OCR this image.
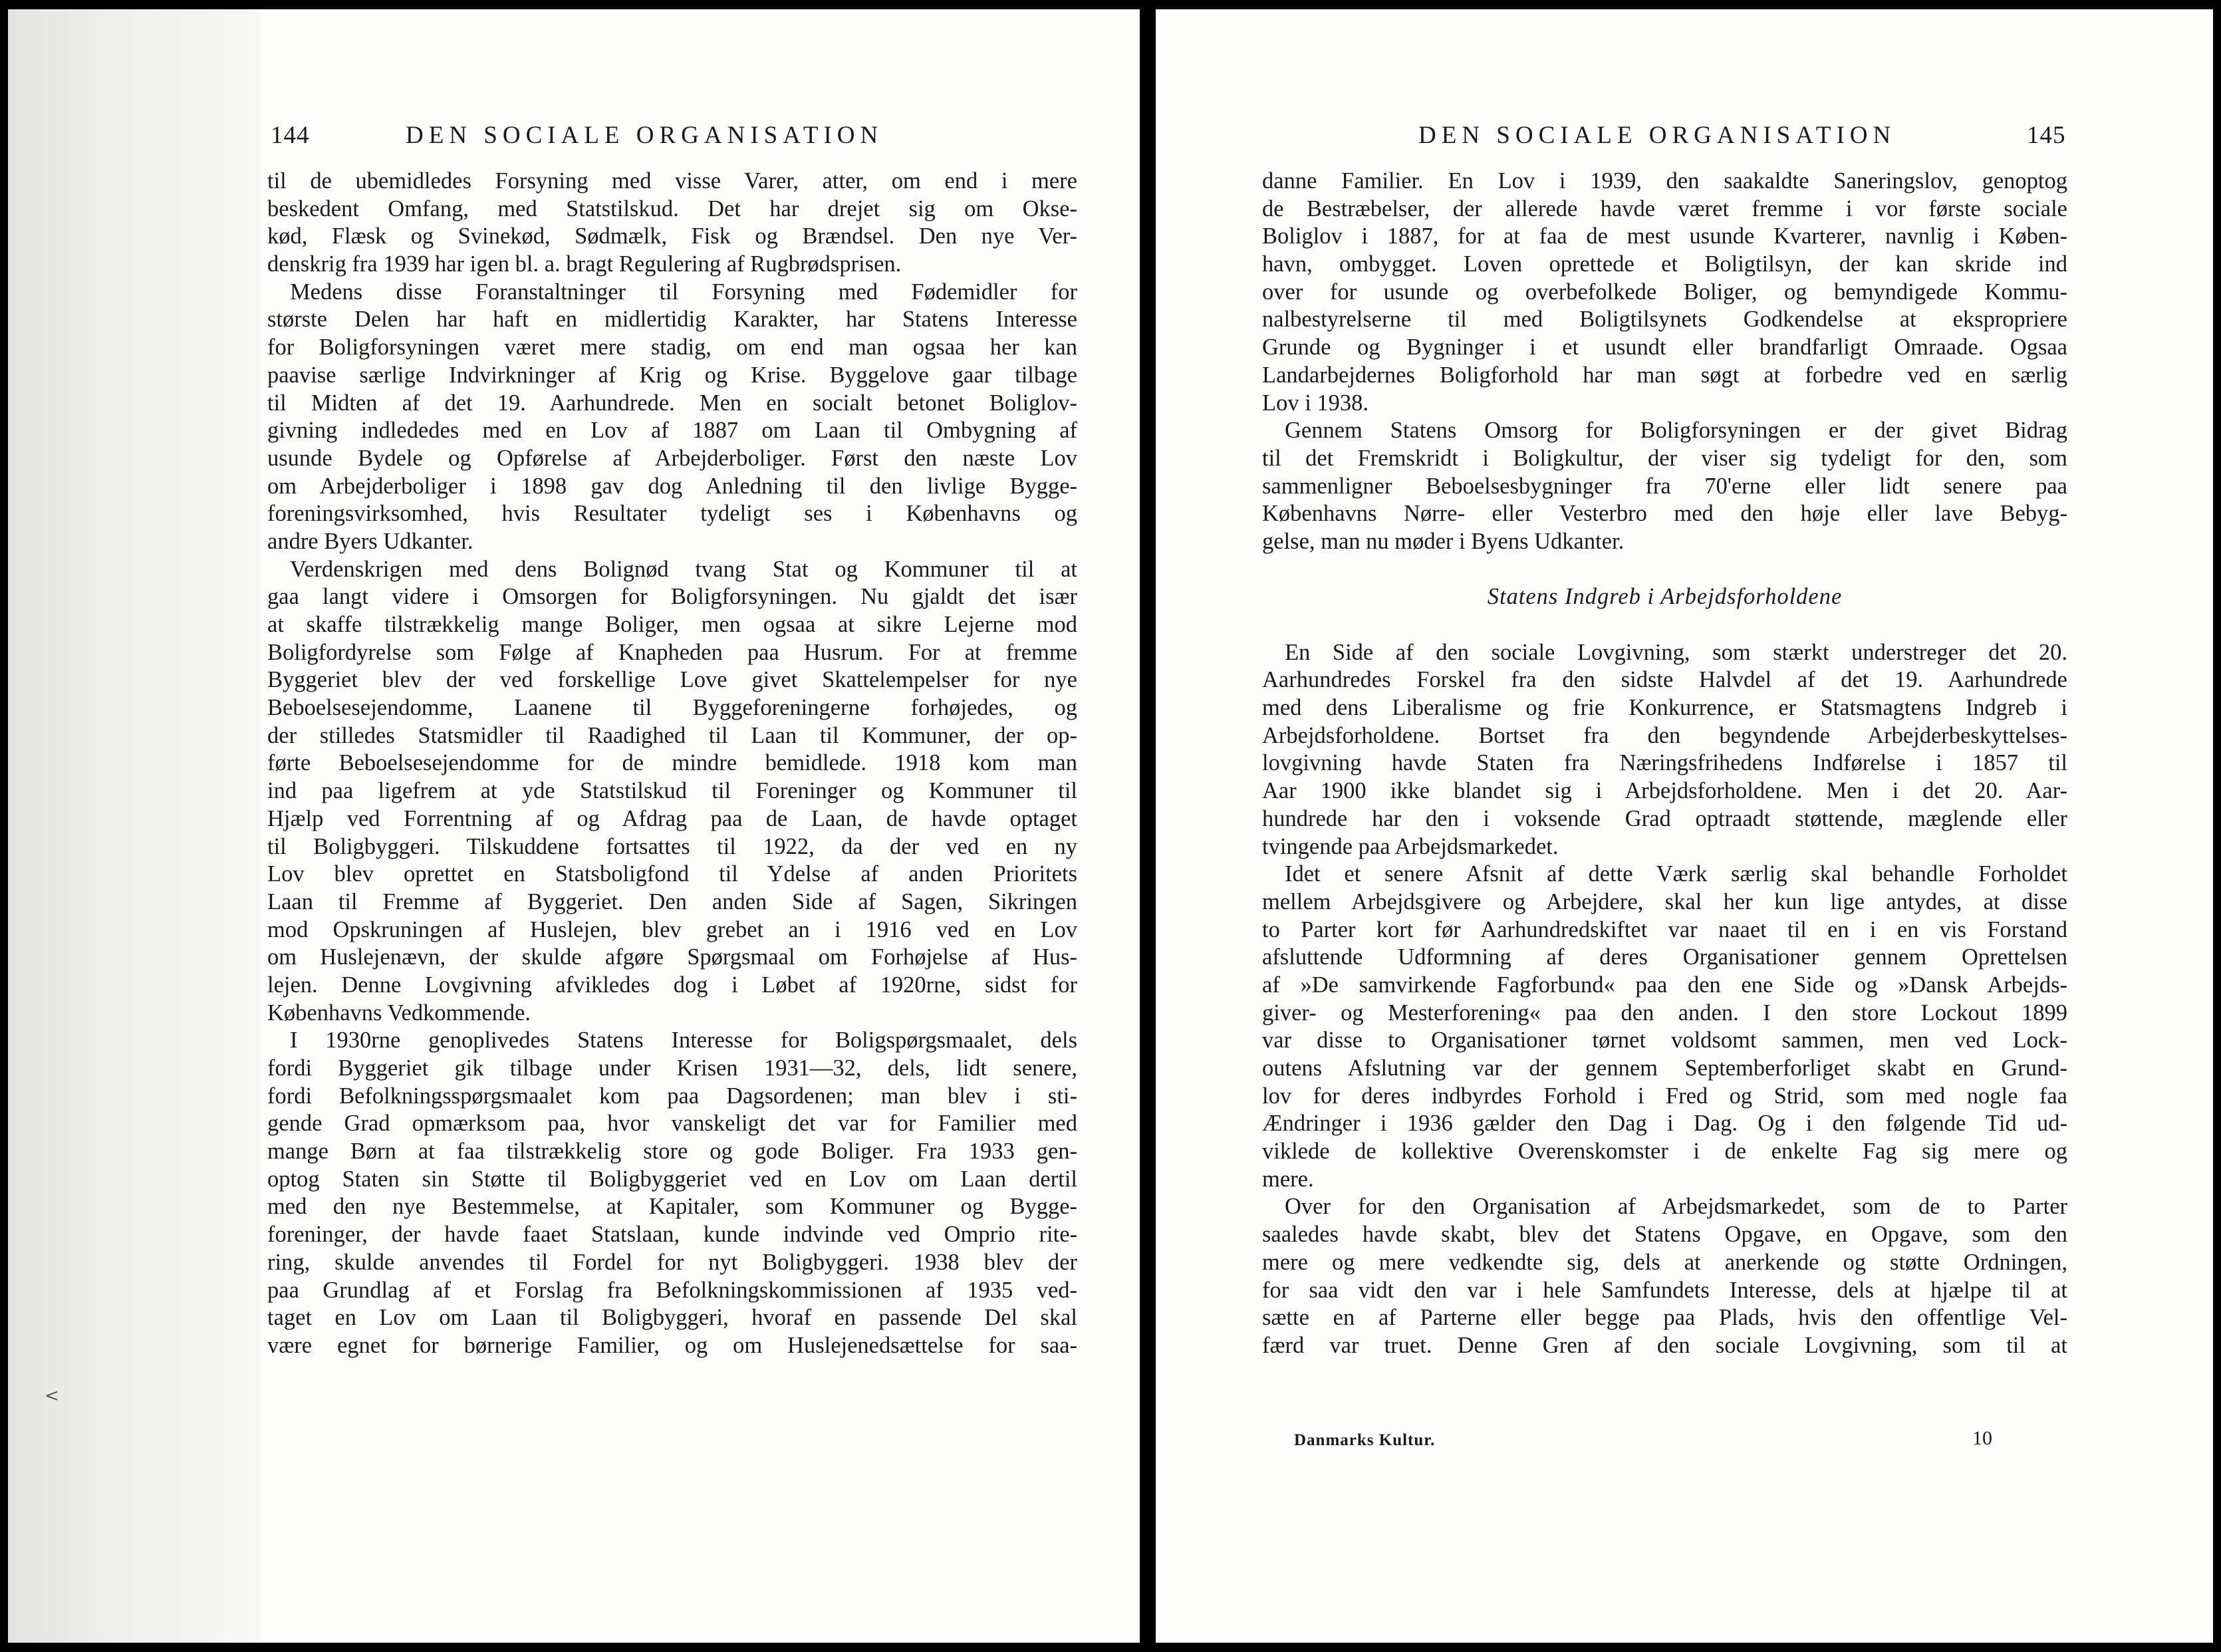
144	DEN SOCIALE ORGANISATION
til de ubemidledes Forsyning med visse Varer, atter, om end i mere
beskedent Omfang, med Statstilskud. Det har drejet sig om Okse-
kød, Flæsk og Svinekød, Sødmælk, Fisk og Brændsel. Den nye Ver-
denskrig fra 1939 har igen bl. a. bragt Regulering af Rugbrødsprisen.
Medens disse Foranstaltninger til Forsyning med Fødemidler for
største Delen har haft en midlertidig Karakter, har Statens Interesse
for Boligforsyningen været mere stadig, om end man ogsaa her kan
paavise særlige Indvirkninger af Krig og Krise. Byggelove gaar tilbage
til Midten af det 19. Aarhundrede. Men en socialt betonet Boliglov-
givning indlededes med en Lov af 1887 om Laan til Ombygning af
usunde Bydele og Opførelse af Arbejderboliger. Først den næste Lov
om Arbejderboliger i 1898 gav dog Anledning til den livlige Bygge-
foreningsvirksomhed, hvis Resultater tydeligt ses i Københavns og
andre Byers Udkanter.
Verdenskrigen med dens Bolignød tvang Stat og Kommuner til at
gaa langt videre i Omsorgen for Boligforsyningen. Nu gjaldt det især
at skaffe tilstrækkelig mange Boliger, men ogsaa at sikre Lejerne mod
Boligfordyrelse som Følge af Knapheden paa Husrum. For at fremme
Byggeriet blev der ved forskellige Love givet Skattelempelser for nye
Beboelsesejendomme, Laanene til Byggeforeningerne forhøjedes, og
der stilledes Statsmidler til Raadighed til Laan til Kommuner, der op-
førte Beboelsesejendomme for de mindre bemidlede. 1918 kom man
ind paa ligefrem at yde Statstilskud til Foreninger og Kommuner til
Hjælp ved Forrentning af og Afdrag paa de Laan, de havde optaget
til Boligbyggeri. Tilskuddene fortsattes til 1922, da der ved en ny
Lov blev oprettet en Statsboligfond til Ydelse af anden Prioritets
Laan til Fremme af Byggeriet. Den anden Side af Sagen, Sikringen
mod Opskruningen af Huslejen, blev grebet an i 1916 ved en Lov
om Huslejenævn, der skulde afgøre Spørgsmaal om Forhøjelse af Hus-
lejen. Denne Lovgivning afvikledes dog i Løbet af 1920rne, sidst for
Københavns Vedkommende.
I 1930rne genoplivedes Statens Interesse for Boligspørgsmaalet, dels
fordi Byggeriet gik tilbage under Krisen 1931—32, dels, lidt senere,
fordi Befolkningsspørgsmaalet kom paa Dagsordenen; man blev i sti-
gende Grad opmærksom paa, hvor vanskeligt det var for Familier med
mange Børn at faa tilstrækkelig store og gode Boliger. Fra 1933 gen-
optog Staten sin Støtte til Boligbyggeriet ved en Lov om Laan dertil
med den nye Bestemmelse, at Kapitaler, som Kommuner og Bygge-
foreninger, der havde faaet Statslaan, kunde indvinde ved Omprio rite-
ring, skulde anvendes til Fordel for nyt Boligbyggeri. 1938 blev der
paa Grundlag af et Forslag fra Befolkningskommissionen af 1935 ved-
taget en Lov om Laan til Boligbyggeri, hvoraf en passende Del skal
være egnet for børnerige Familier, og om Huslejenedsættelse for saa-
<
DEN SOCIALE ORGANISATION	145
danne Familier. En Lov i 1939, den saakaldte Saneringslov, genoptog
de Bestræbelser, der allerede havde været fremme i vor første sociale
Boliglov i 1887, for at faa de mest usunde Kvarterer, navnlig i Køben-
havn, ombygget. Loven oprettede et Boligtilsyn, der kan skride ind
over for usunde og overbefolkede Boliger, og bemyndigede Kommu-
nalbestyrelserne til med Boligtilsynets Godkendelse at ekspropriere
Grunde og Bygninger i et usundt eller brandfarligt Omraade. Ogsaa
Landarbejdernes Boligforhold har man søgt at forbedre ved en særlig
Lov i 1938.
Gennem Statens Omsorg for Boligforsyningen er der givet Bidrag
til det Fremskridt i Boligkultur, der viser sig tydeligt for den, som
sammenligner Beboelsesbygninger fra 70'erne eller lidt senere paa
Københavns Nørre- eller Vesterbro med den høje eller lave Bebyg-
gelse, man nu møder i Byens Udkanter.
Statens Indgreb i Arbejdsforholdene
En Side af den sociale Lovgivning, som stærkt understreger det 20.
Aarhundredes Forskel fra den sidste Halvdel af det 19. Aarhundrede
med dens Liberalisme og frie Konkurrence, er Statsmagtens Indgreb i
Arbejdsforholdene. Bortset fra den begyndende Arbejderbeskyttelses-
lovgivning havde Staten fra Næringsfrihedens Indførelse i 1857 til
Aar 1900 ikke blandet sig i Arbejdsforholdene. Men i det 20. Aar-
hundrede har den i voksende Grad optraadt støttende, mæglende eller
tvingende paa Arbejdsmarkedet.
Idet et senere Afsnit af dette Værk særlig skal behandle Forholdet
mellem Arbejdsgivere og Arbejdere, skal her kun lige antydes, at disse
to Parter kort før Aarhundredskiftet var naaet til en i en vis Forstand
afsluttende Udformning af deres Organisationer gennem Oprettelsen
af »De samvirkende Fagforbund« paa den ene Side og »Dansk Arbejds-
giver- og Mesterforening« paa den anden. I den store Lockout 1899
var disse to Organisationer tørnet voldsomt sammen, men ved Lock-
outens Afslutning var der gennem Septemberforliget skabt en Grund-
lov for deres indbyrdes Forhold i Fred og Strid, som med nogle faa
Ændringer i 1936 gælder den Dag i Dag. Og i den følgende Tid ud-
viklede de kollektive Overenskomster i de enkelte Fag sig mere og
mere.
Over for den Organisation af Arbejdsmarkedet, som de to Parter
saaledes havde skabt, blev det Statens Opgave, en Opgave, som den
mere og mere vedkendte sig, dels at anerkende og støtte Ordningen,
for saa vidt den var i hele Samfundets Interesse, dels at hjælpe til at
sætte en af Parterne eller begge paa Plads, hvis den offentlige Vel-
færd var truet. Denne Gren af den sociale Lovgivning, som til at
Danmarks Kultur.	10
